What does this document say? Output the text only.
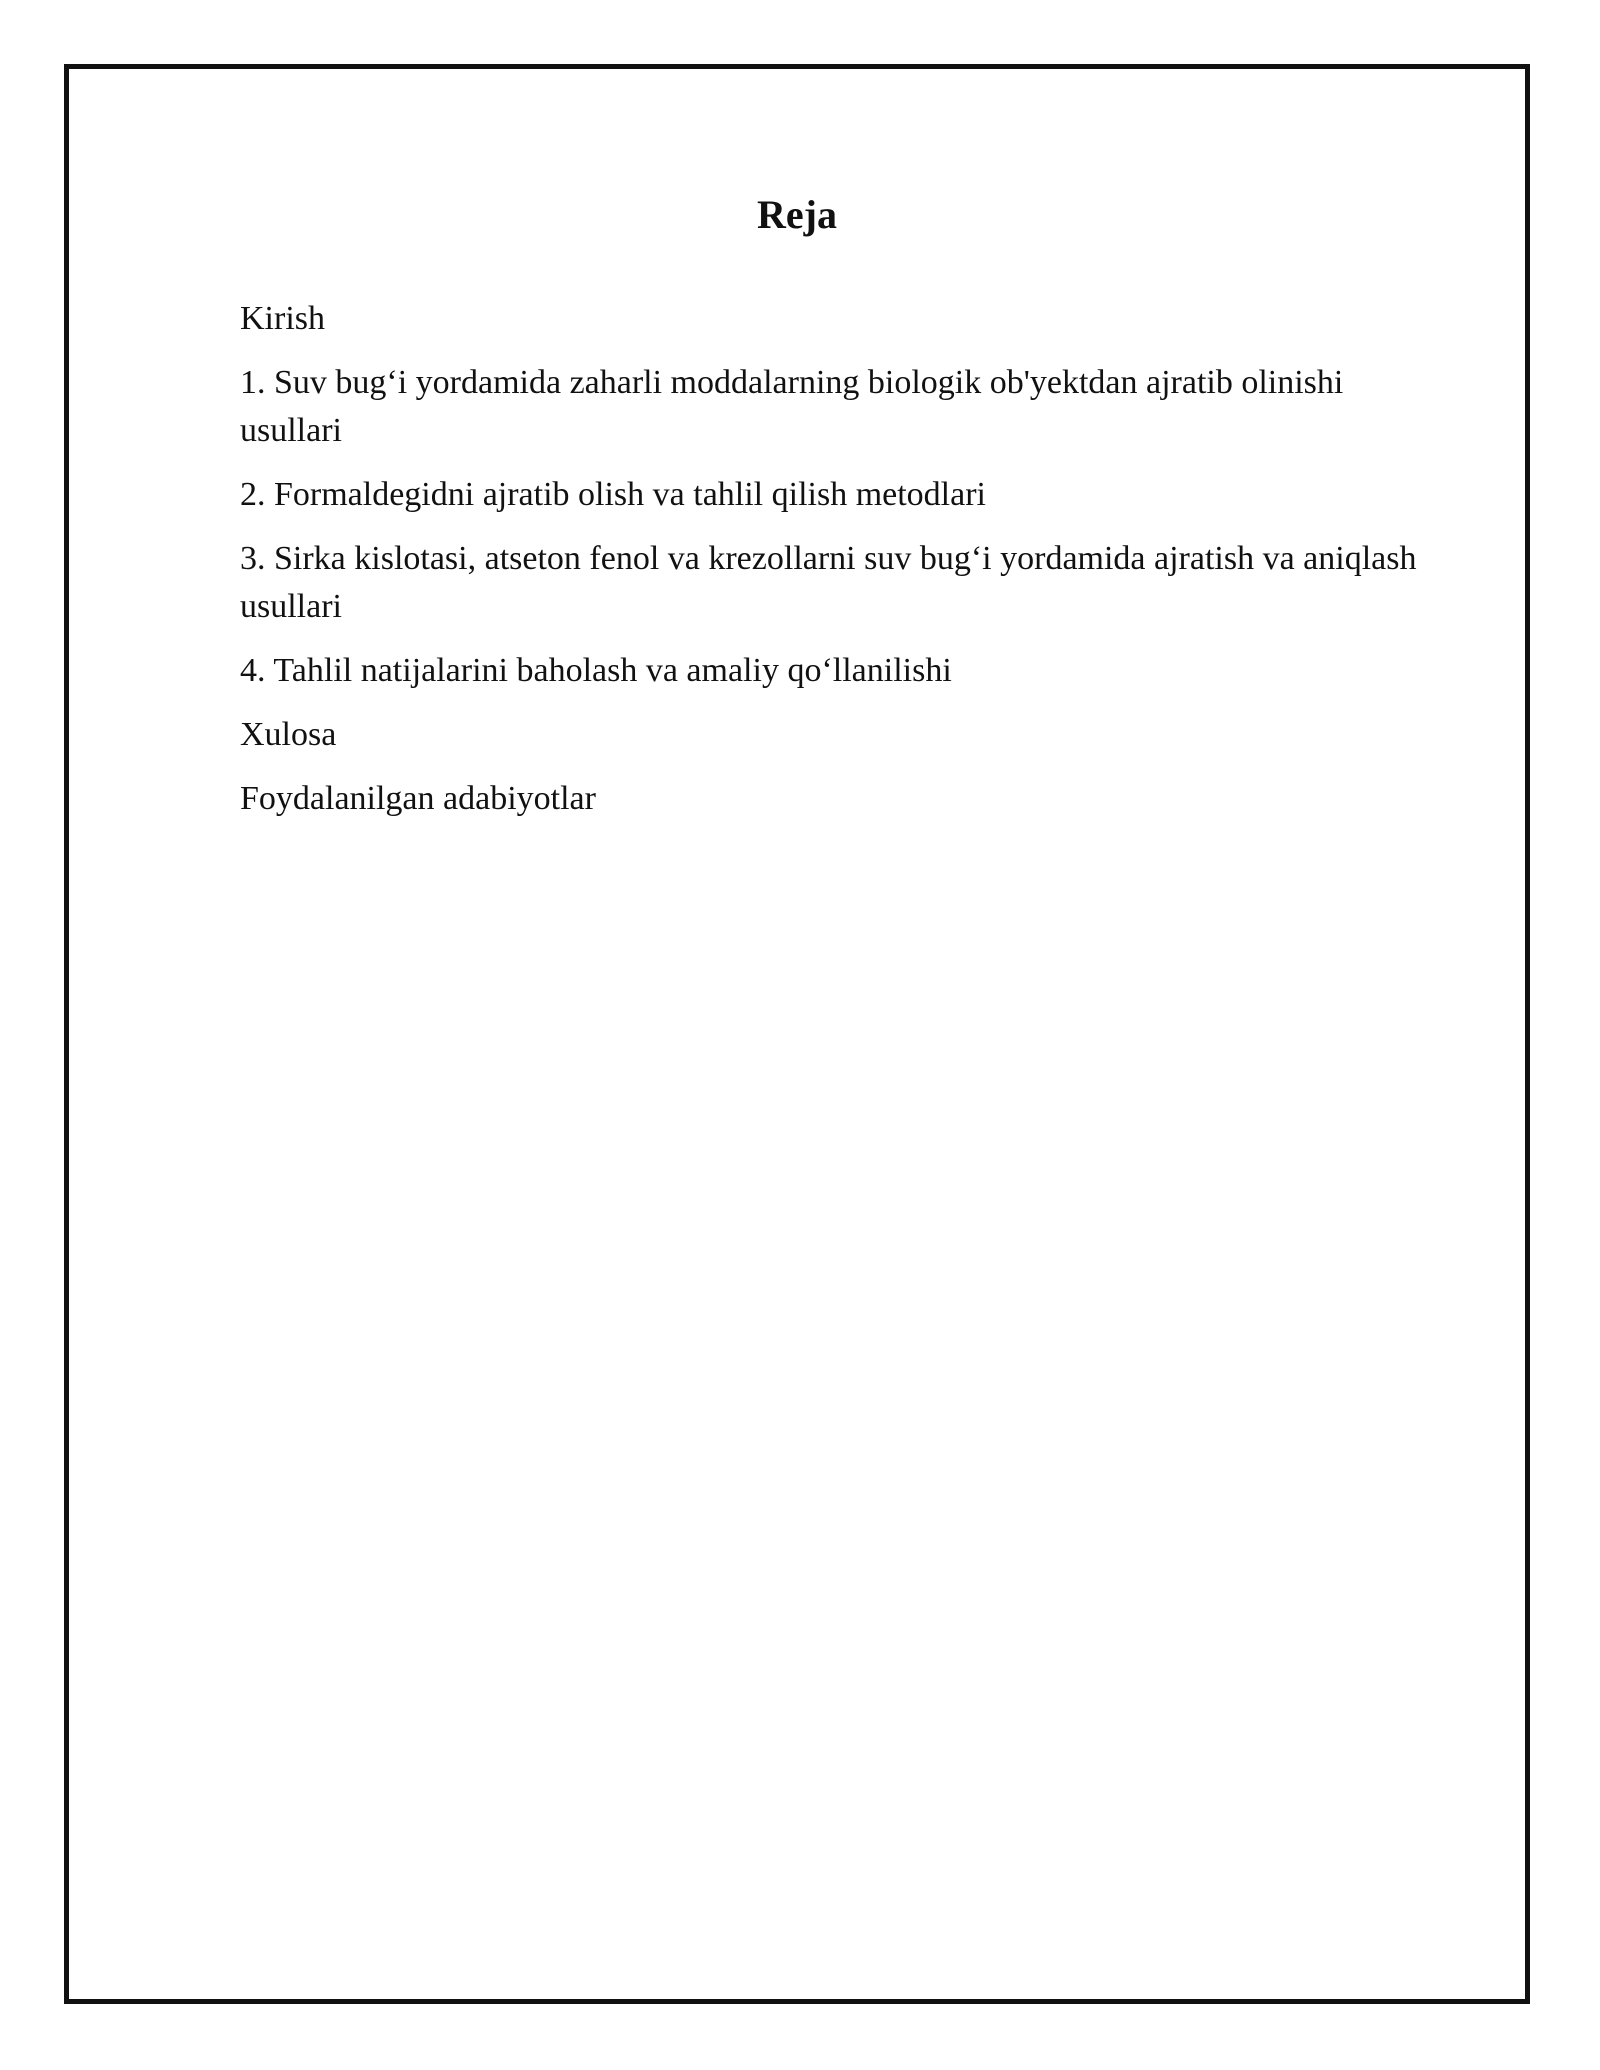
Reja
Kirish
1. Suv bug‘i yordamida zaharli moddalarning biologik ob'yektdan ajratib olinishi usullari
2. Formaldegidni ajratib olish va tahlil qilish metodlari
3. Sirka kislotasi, atseton fenol va krezollarni suv bug‘i yordamida ajratish va aniqlash usullari
4. Tahlil natijalarini baholash va amaliy qo‘llanilishi
Xulosa
Foydalanilgan adabiyotlar
